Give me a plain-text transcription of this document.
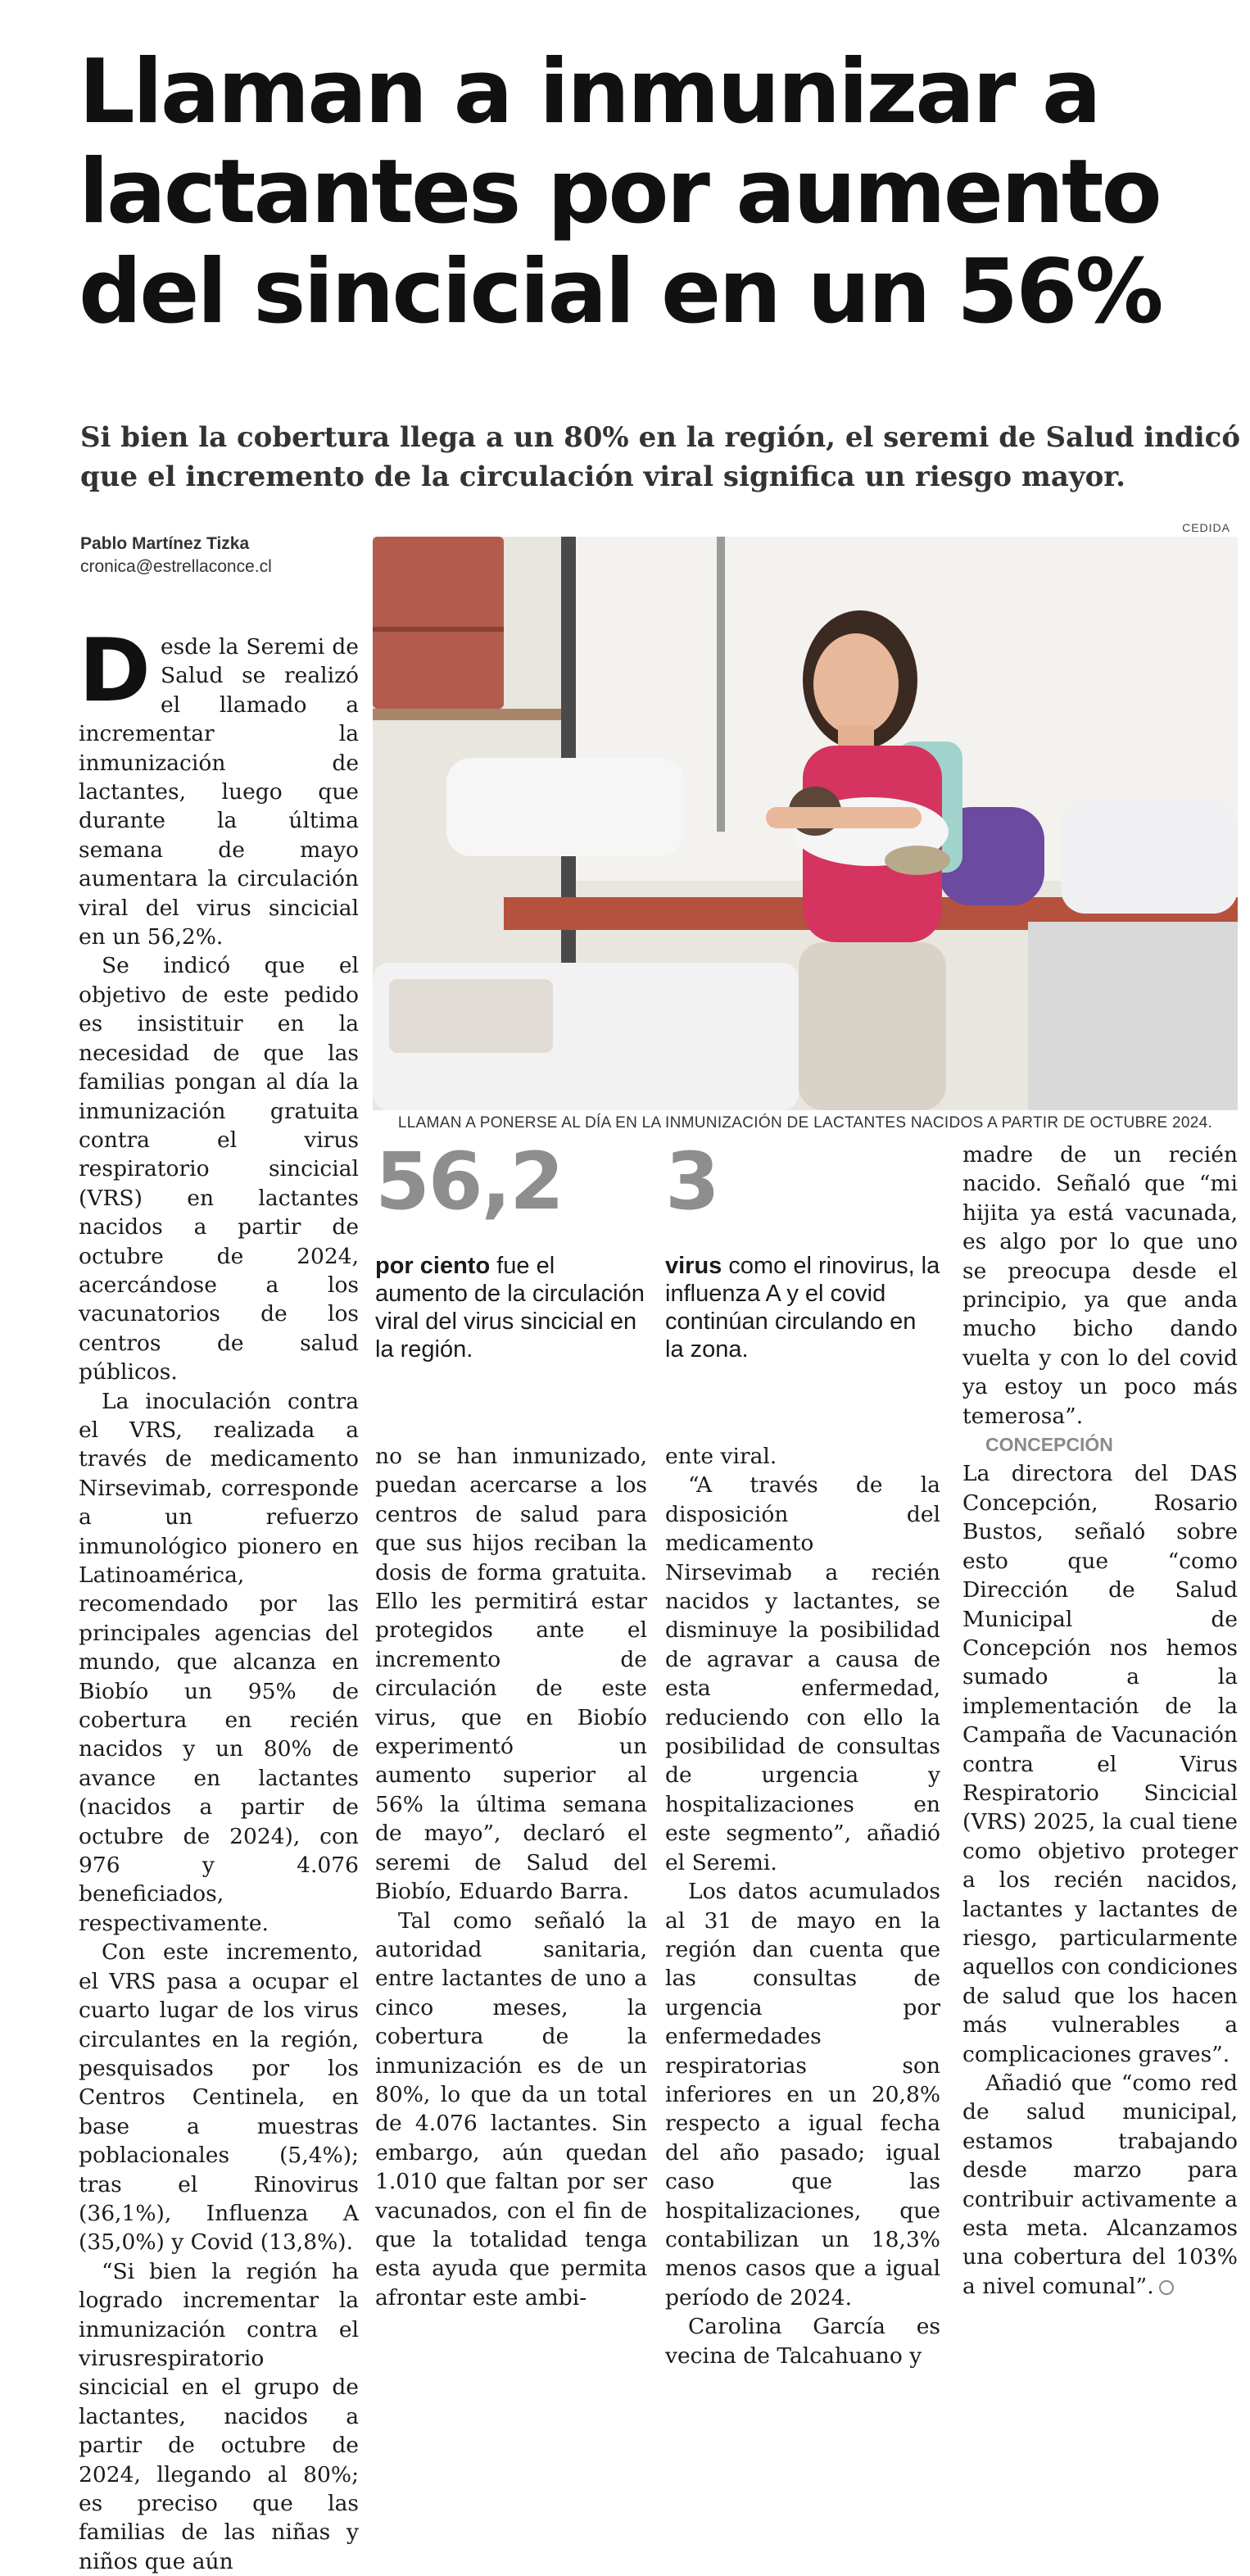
Llaman a inmunizar a
lactantes por aumento
del sincicial en un 56%
Si bien la cobertura llega a un 80% en la región, el seremi de Salud indicó
que el incremento de la circulación viral significa un riesgo mayor.
Pablo Martínez Tizka
cronica@estrellaconce.cl
CEDIDA
LLAMAN A PONERSE AL DÍA EN LA INMUNIZACIÓN DE LACTANTES NACIDOS A PARTIR DE OCTUBRE 2024.

Desde la Seremi de Salud se realizó el llamado a incrementar la inmunización de lactantes, luego que durante la última semana de mayo aumentara la circulación viral del virus sincicial en un 56,2%.

Se indicó que el objetivo de este pedido es insistituir en la necesidad de que las familias pongan al día la inmunización gratuita contra el virus respiratorio sincicial (VRS) en lactantes nacidos a partir de octubre de 2024, acercándose a los vacunatorios de los centros de salud públicos.

La inoculación contra el VRS, realizada a través de medicamento Nirsevimab, corresponde a un refuerzo inmunológico pionero en Latinoamérica, recomendado por las principales agencias del mundo, que alcanza en Biobío un 95% de cobertura en recién nacidos y un 80% de avance en lactantes (nacidos a partir de octubre de 2024), con 976 y 4.076 beneficiados, respectivamente.

Con este incremento, el VRS pasa a ocupar el cuarto lugar de los virus circulantes en la región, pesquisados por los Centros Centinela, en base a muestras poblacionales (5,4%); tras el Rinovirus (36,1%), Influenza A (35,0%) y Covid (13,8%).

“Si bien la región ha logrado incrementar la inmunización contra el virusrespiratorio sincicial en el grupo de lactantes, nacidos a partir de octubre de 2024, llegando al 80%; es preciso que las familias de las niñas y niños que aún

56,2
por ciento fue el aumento de la circulación viral del virus sincicial en la región.
3
virus como el rinovirus, la influenza A y el covid continúan circulando en la zona.

no se han inmunizado, puedan acercarse a los centros de salud para que sus hijos reciban la dosis de forma gratuita. Ello les permitirá estar protegidos ante el incremento de circulación de este virus, que en Biobío experimentó un aumento superior al 56% la última semana de mayo”, declaró el seremi de Salud del Biobío, Eduardo Barra.

Tal como señaló la autoridad sanitaria, entre lactantes de uno a cinco meses, la cobertura de la inmunización es de un 80%, lo que da un total de 4.076 lactantes. Sin embargo, aún quedan 1.010 que faltan por ser vacunados, con el fin de que la totalidad tenga esta ayuda que permita afrontar este ambi-

ente viral.

“A través de la disposición del medicamento Nirsevimab a recién nacidos y lactantes, se disminuye la posibilidad de agravar a causa de esta enfermedad, reduciendo con ello la posibilidad de consultas de urgencia y hospitalizaciones en este segmento”, añadió el Seremi.

Los datos acumulados al 31 de mayo en la región dan cuenta que las consultas de urgencia por enfermedades respiratorias son inferiores en un 20,8% respecto a igual fecha del año pasado; igual caso que las hospitalizaciones, que contabilizan un 18,3% menos casos que a igual período de 2024.

Carolina García es vecina de Talcahuano y

madre de un recién nacido. Señaló que “mi hijita ya está vacunada, es algo por lo que uno se preocupa desde el principio, ya que anda mucho bicho dando vuelta y con lo del covid ya estoy un poco más temerosa”.

CONCEPCIÓN

La directora del DAS Concepción, Rosario Bustos, señaló sobre esto que “como Dirección de Salud Municipal de Concepción nos hemos sumado a la implementación de la Campaña de Vacunación contra el Virus Respiratorio Sincicial (VRS) 2025, la cual tiene como objetivo proteger a los recién nacidos, lactantes y lactantes de riesgo, particularmente aquellos con condiciones de salud que los hacen más vulnerables a complicaciones graves”.

Añadió que “como red de salud municipal, estamos trabajando desde marzo para contribuir activamente a esta meta. Alcanzamos una cobertura del 103% a nivel comunal”.
